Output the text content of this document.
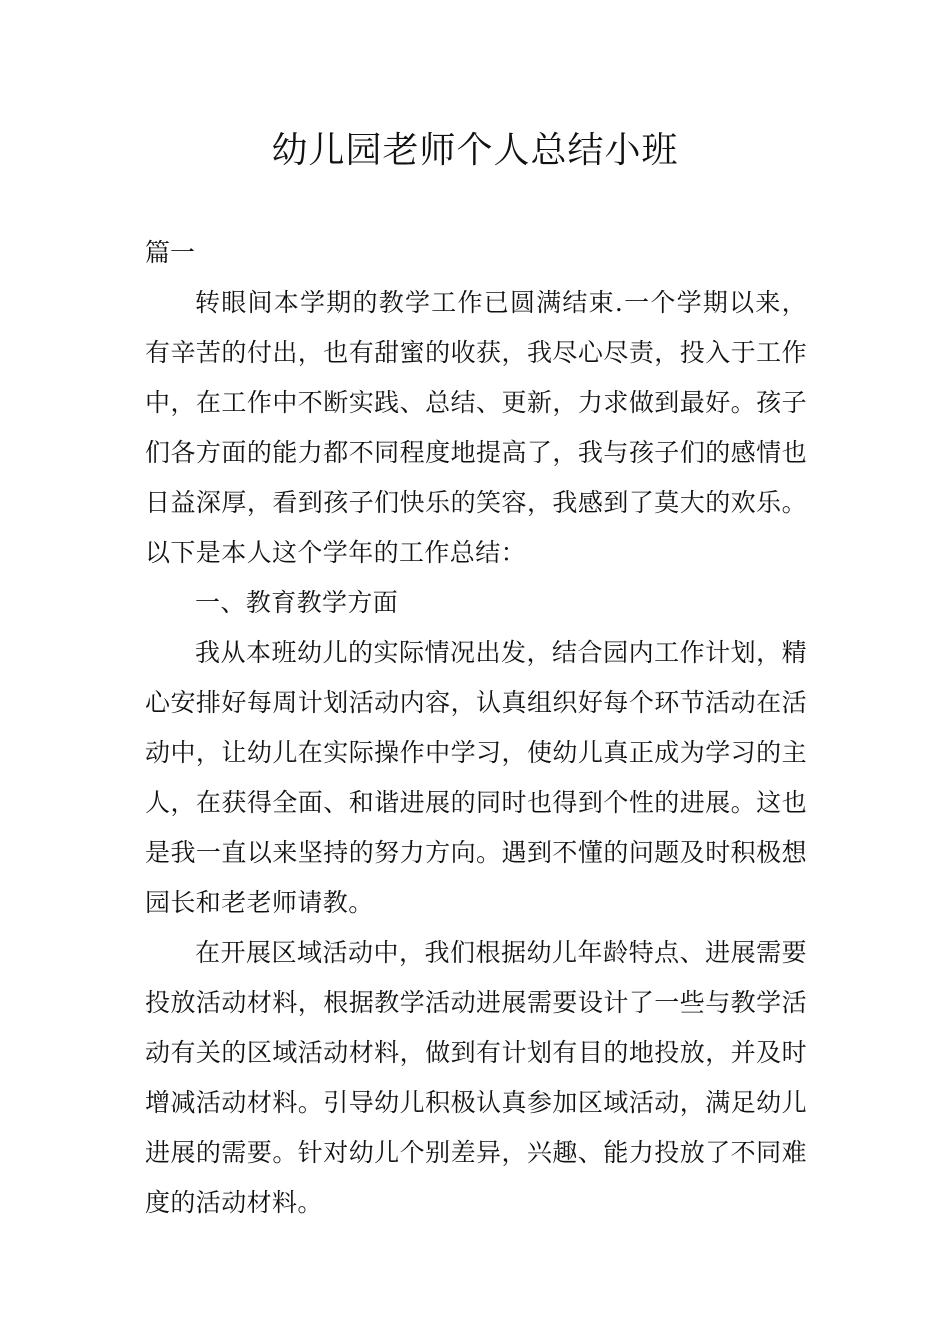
幼儿园老师个人总结小班
篇一

转眼间本学期的教学工作已圆满结束.一个学期以来，有辛苦的付出，也有甜蜜的收获，我尽心尽责，投入于工作中，在工作中不断实践、总结、更新，力求做到最好。孩子们各方面的能力都不同程度地提高了，我与孩子们的感情也日益深厚，看到孩子们快乐的笑容，我感到了莫大的欢乐。以下是本人这个学年的工作总结：

一、教育教学方面

我从本班幼儿的实际情况出发，结合园内工作计划，精心安排好每周计划活动内容，认真组织好每个环节活动在活动中，让幼儿在实际操作中学习，使幼儿真正成为学习的主人，在获得全面、和谐进展的同时也得到个性的进展。这也是我一直以来坚持的努力方向。遇到不懂的问题及时积极想园长和老老师请教。

在开展区域活动中，我们根据幼儿年龄特点、进展需要投放活动材料，根据教学活动进展需要设计了一些与教学活动有关的区域活动材料，做到有计划有目的地投放，并及时增减活动材料。引导幼儿积极认真参加区域活动，满足幼儿进展的需要。针对幼儿个别差异，兴趣、能力投放了不同难度的活动材料。
